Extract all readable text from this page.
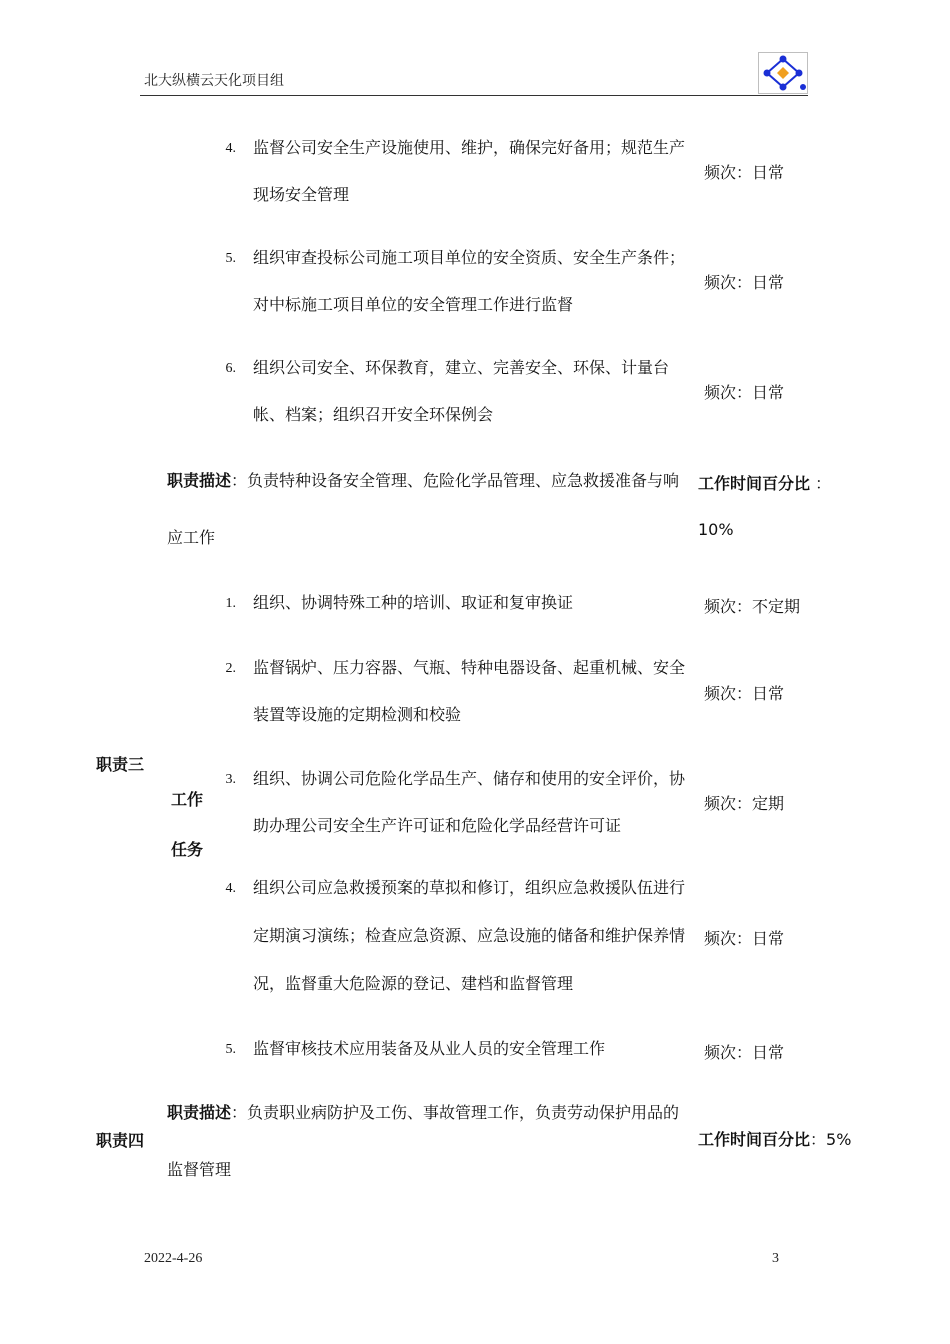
北大纵横云天化项目组
4. 监督公司安全生产设施使用、维护，确保完好备用；规范生产现场安全管理
频次：日常
5. 组织审查投标公司施工项目单位的安全资质、安全生产条件；对中标施工项目单位的安全管理工作进行监督
频次：日常
6. 组织公司安全、环保教育，建立、完善安全、环保、计量台帐、档案；组织召开安全环保例会
频次：日常
职责描述：负责特种设备安全管理、危险化学品管理、应急救援准备与响应工作
工作时间百分比 ：
10%
职责三
工作
任务
1. 组织、协调特殊工种的培训、取证和复审换证	频次：不定期
2. 监督锅炉、压力容器、气瓶、特种电器设备、起重机械、安全装置等设施的定期检测和校验
频次：日常
3. 组织、协调公司危险化学品生产、储存和使用的安全评价，协助办理公司安全生产许可证和危险化学品经营许可证
频次：定期
4. 组织公司应急救援预案的草拟和修订，组织应急救援队伍进行定期演习演练；检查应急资源、应急设施的储备和维护保养情况，监督重大危险源的登记、建档和监督管理
频次：日常
5. 监督审核技术应用装备及从业人员的安全管理工作	频次：日常
职责四
职责描述：负责职业病防护及工伤、事故管理工作，负责劳动保护用品的监督管理
工作时间百分比：5%
2022-4-26	3
